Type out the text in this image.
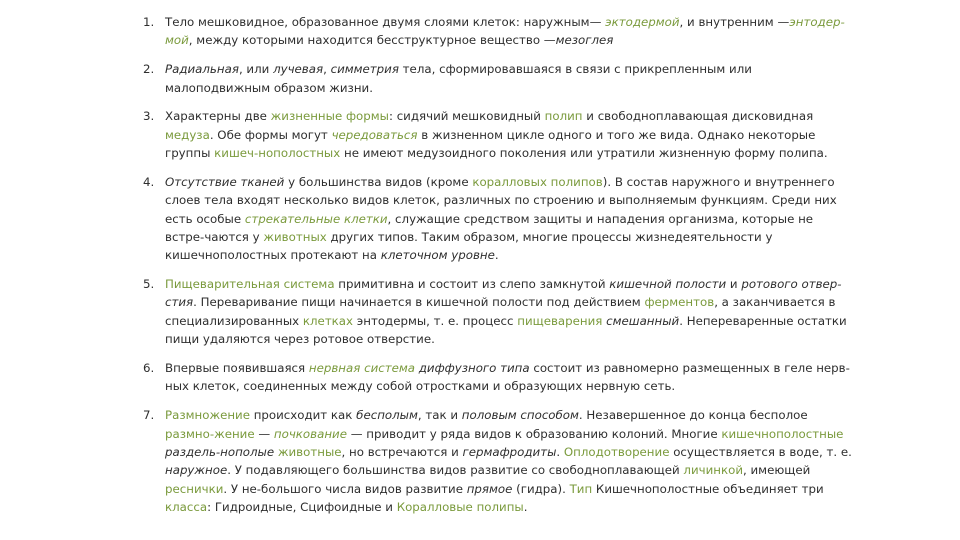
1. Тело мешковидное, образованное двумя слоями клеток: наружным— эктодермой, и внутренним —энтодер-мой, между которыми находится бесструктурное вещество —мезоглея
2. Радиальная, или лучевая, симметрия тела, сформировавшаяся в связи с прикрепленным или малоподвижным образом жизни.
3. Характерны две жизненные формы: сидячий мешковидный полип и свободноплавающая дисковидная медуза. Обе формы могут чередоваться в жизненном цикле одного и того же вида. Однако некоторые группы кишеч-нополостных не имеют медузоидного поколения или утратили жизненную форму полипа.
4. Отсутствие тканей у большинства видов (кроме коралловых полипов). В состав наружного и внутреннего слоев тела входят несколько видов клеток, различных по строению и выполняемым функциям. Среди них есть особые стрекательные клетки, служащие средством защиты и нападения организма, которые не встре-чаются у животных других типов. Таким образом, многие процессы жизнедеятельности у кишечнополостных протекают на клеточном уровне.
5. Пищеварительная система примитивна и состоит из слепо замкнутой кишечной полости и ротового отвер-стия. Переваривание пищи начинается в кишечной полости под действием ферментов, а заканчивается в специализированных клетках энтодермы, т. е. процесс пищеварения смешанный. Непереваренные остатки пищи удаляются через ротовое отверстие.
6. Впервые появившаяся нервная система диффузного типа состоит из равномерно размещенных в геле нерв-ных клеток, соединенных между собой отростками и образующих нервную сеть.
7. Размножение происходит как бесполым, так и половым способом. Незавершенное до конца бесполое размно-жение — почкование — приводит у ряда видов к образованию колоний. Многие кишечнополостные раздель-нополые животные, но встречаются и гермафродиты. Оплодотворение осуществляется в воде, т. е. наружное. У подавляющего большинства видов развитие со свободноплавающей личинкой, имеющей реснички. У не-большого числа видов развитие прямое (гидра). Тип Кишечнополостные объединяет три класса: Гидроидные, Сцифоидные и Коралловые полипы.
